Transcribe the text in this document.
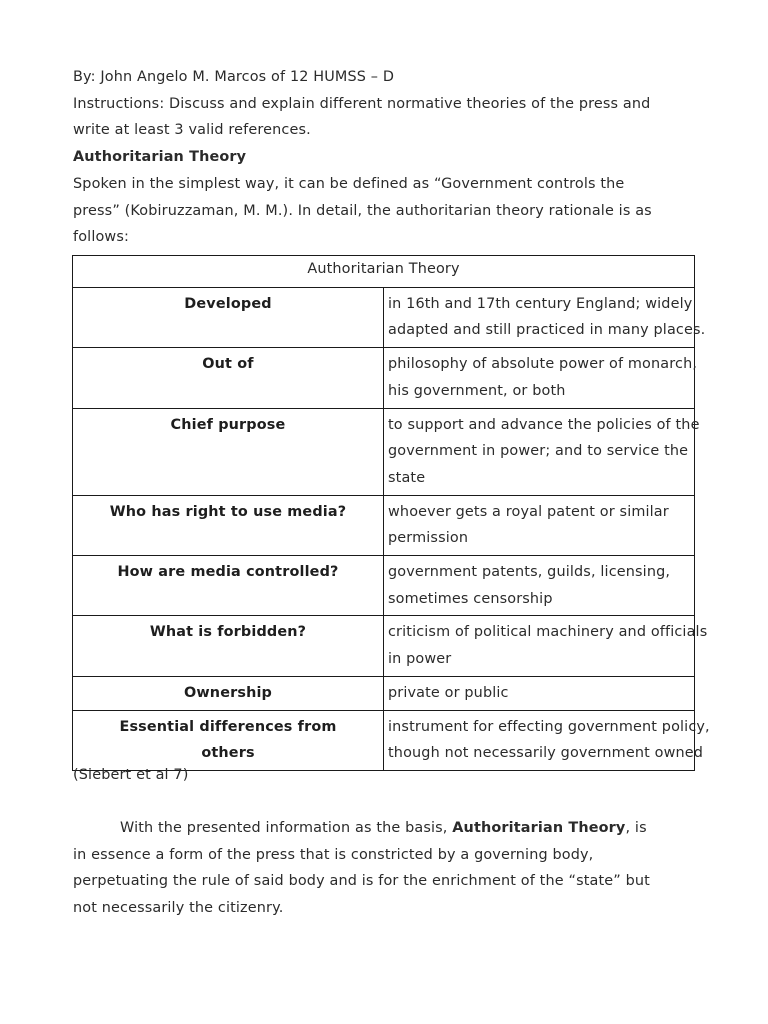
By: John Angelo M. Marcos of 12 HUMSS – D
Instructions: Discuss and explain different normative theories of the press and
write at least 3 valid references.
Authoritarian Theory
Spoken in the simplest way, it can be defined as “Government controls the
press” (Kobiruzzaman, M. M.). In detail, the authoritarian theory rationale is as
follows:
Authoritarian Theory	

Developed	in 16th and 17th century England; widely
adapted and still practiced in many places.

Out of	philosophy of absolute power of monarch,
his government, or both

Chief purpose	to support and advance the policies of the
government in power; and to service the
state

Who has right to use media?	whoever gets a royal patent or similar
permission

How are media controlled?	government patents, guilds, licensing,
sometimes censorship

What is forbidden?	criticism of political machinery and officials
in power

Ownership	private or public

Essential differences from
others	instrument for effecting government policy,
though not necessarily government owned
(Siebert et al 7)
With the presented information as the basis, Authoritarian Theory, is
in essence a form of the press that is constricted by a governing body,
perpetuating the rule of said body and is for the enrichment of the “state” but
not necessarily the citizenry.
